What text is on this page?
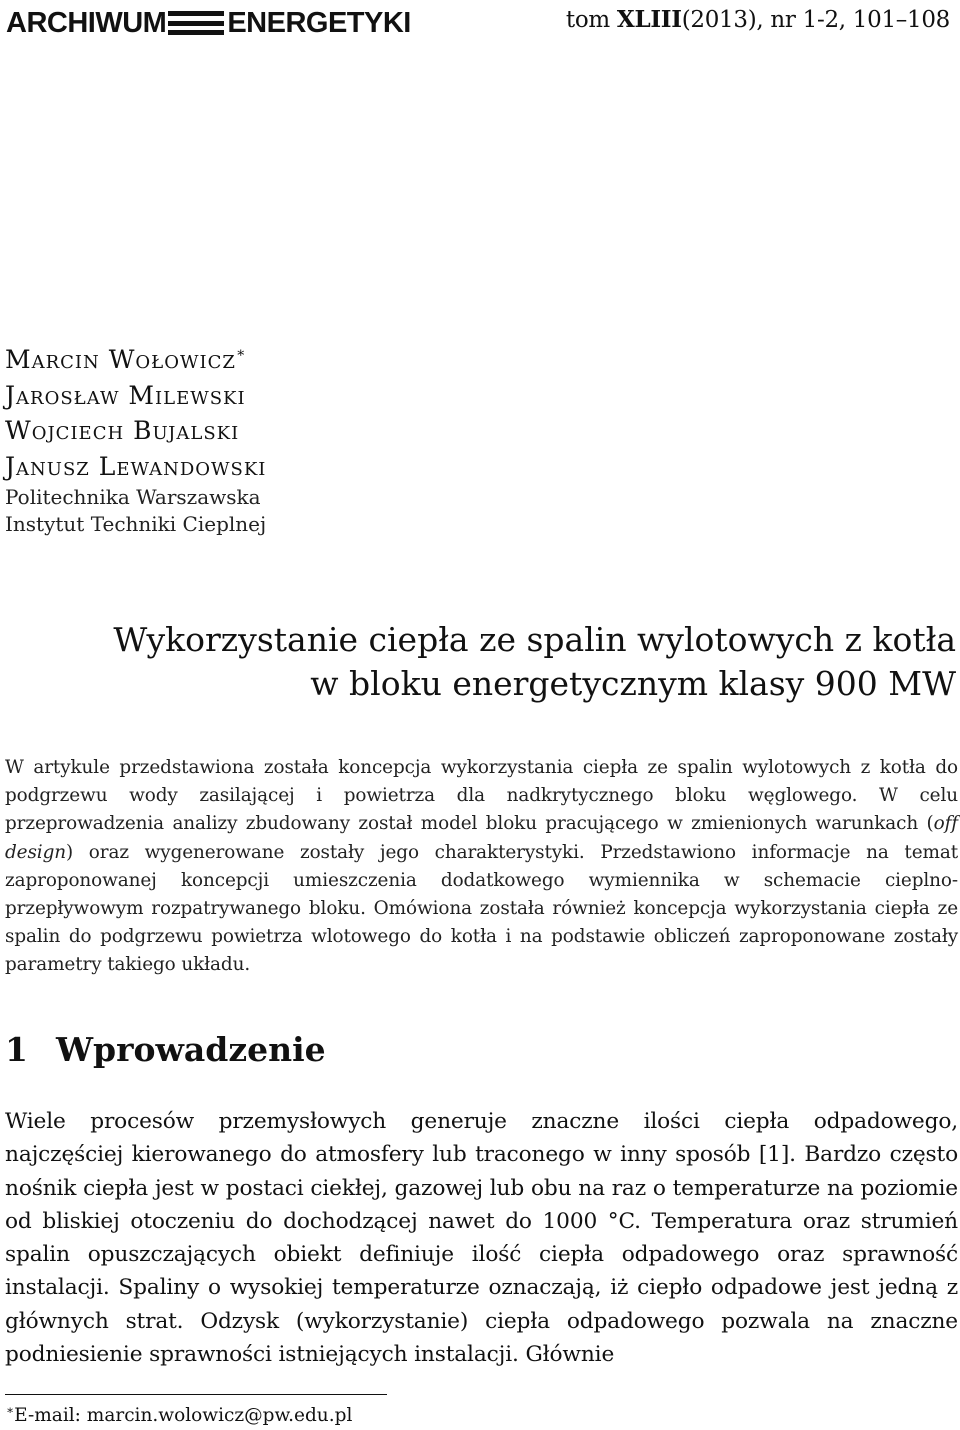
ARCHIWUM ENERGETYKI	tom XLIII(2013), nr 1-2, 101–108
Marcin Wołowicz∗
Jarosław Milewski
Wojciech Bujalski
Janusz Lewandowski
Politechnika Warszawska
Instytut Techniki Cieplnej
Wykorzystanie ciepła ze spalin wylotowych z kotła
w bloku energetycznym klasy 900 MW
W artykule przedstawiona została koncepcja wykorzystania ciepła ze spalin wylotowych z kotła do podgrzewu wody zasilającej i powietrza dla nadkrytycznego bloku węglowego. W celu przeprowadzenia analizy zbudowany został model bloku pracującego w zmienionych warunkach (off design) oraz wygenerowane zostały jego charakterystyki. Przedstawiono informacje na temat zaproponowanej koncepcji umieszczenia dodatkowego wymiennika w schemacie cieplno-przepływowym rozpatrywanego bloku. Omówiona została również koncepcja wykorzystania ciepła ze spalin do podgrzewu powietrza wlotowego do kotła i na podstawie obliczeń zaproponowane zostały parametry takiego układu.
1 Wprowadzenie
Wiele procesów przemysłowych generuje znaczne ilości ciepła odpadowego, najczęściej kierowanego do atmosfery lub traconego w inny sposób [1]. Bardzo często nośnik ciepła jest w postaci ciekłej, gazowej lub obu na raz o temperaturze na poziomie od bliskiej otoczeniu do dochodzącej nawet do 1000 °C. Temperatura oraz strumień spalin opuszczających obiekt definiuje ilość ciepła odpadowego oraz sprawność instalacji. Spaliny o wysokiej temperaturze oznaczają, iż ciepło odpadowe jest jedną z głównych strat. Odzysk (wykorzystanie) ciepła odpadowego pozwala na znaczne podniesienie sprawności istniejących instalacji. Głównie
∗E-mail: marcin.wolowicz@pw.edu.pl
